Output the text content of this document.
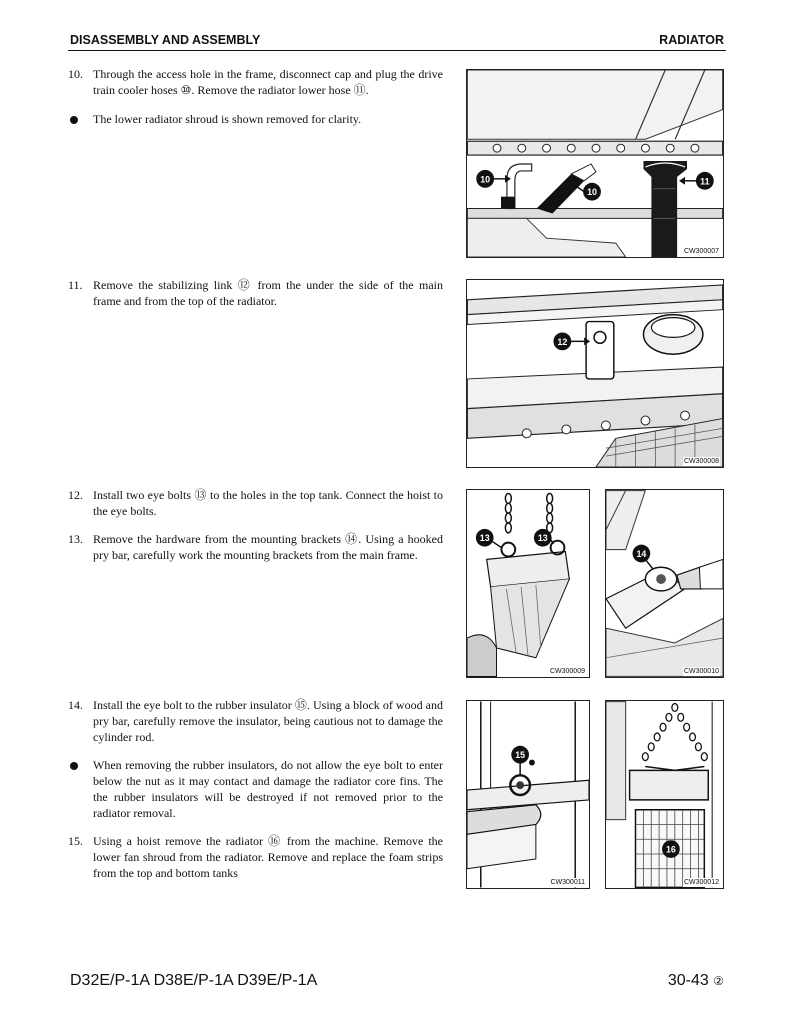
DISASSEMBLY AND ASSEMBLY	RADIATOR
10. Through the access hole in the frame, disconnect cap and plug the drive train cooler hoses ⑩. Remove the radiator lower hose ⑪.
The lower radiator shroud is shown removed for clarity.
11. Remove the stabilizing link ⑫ from the under the side of the main frame and from the top of the radiator.
12. Install two eye bolts ⑬ to the holes in the top tank. Connect the hoist to the eye bolts.
13. Remove the hardware from the mounting brackets ⑭. Using a hooked pry bar, carefully work the mounting brackets from the main frame.
14. Install the eye bolt to the rubber insulator ⑮. Using a block of wood and pry bar, carefully remove the insulator, being cautious not to damage the cylinder rod.
When removing the rubber insulators, do not allow the eye bolt to enter below the nut as it may contact and damage the radiator core fins. The the rubber insulators will be destroyed if not removed prior to the radiator removal.
15. Using a hoist remove the radiator ⑯ from the machine. Remove the lower fan shroud from the radiator. Remove and replace the foam strips from the top and bottom tanks
10
10
11
CW300007
12
CW300008
13	13
CW300009
14
CW300010
15
CW300011
16
CW300012
D32E/P-1A D38E/P-1A D39E/P-1A	30-43 ②
